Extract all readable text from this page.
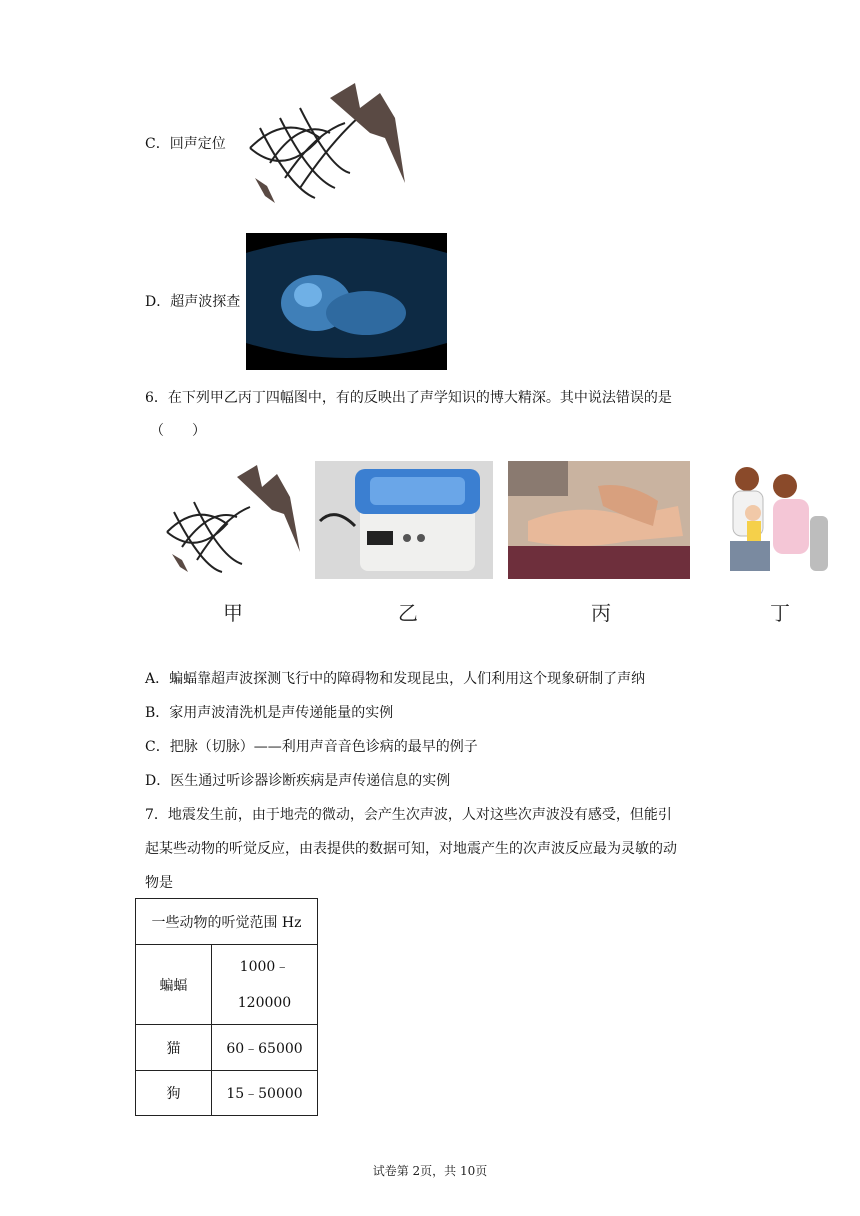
C．回声定位
D．超声波探查
6．在下列甲乙丙丁四幅图中，有的反映出了声学知识的博大精深。其中说法错误的是
（　　）
甲	乙	丙	丁
A．蝙蝠靠超声波探测飞行中的障碍物和发现昆虫，人们利用这个现象研制了声纳
B．家用声波清洗机是声传递能量的实例
C．把脉（切脉）——利用声音音色诊病的最早的例子
D．医生通过听诊器诊断疾病是声传递信息的实例
7．地震发生前，由于地壳的微动，会产生次声波，人对这些次声波没有感受，但能引
起某些动物的听觉反应，由表提供的数据可知，对地震产生的次声波反应最为灵敏的动
物是
一些动物的听觉范围 Hz	
蝙蝠	1000﹣
120000

猫	60﹣65000
狗	15﹣50000
试卷第 2页，共 10页
